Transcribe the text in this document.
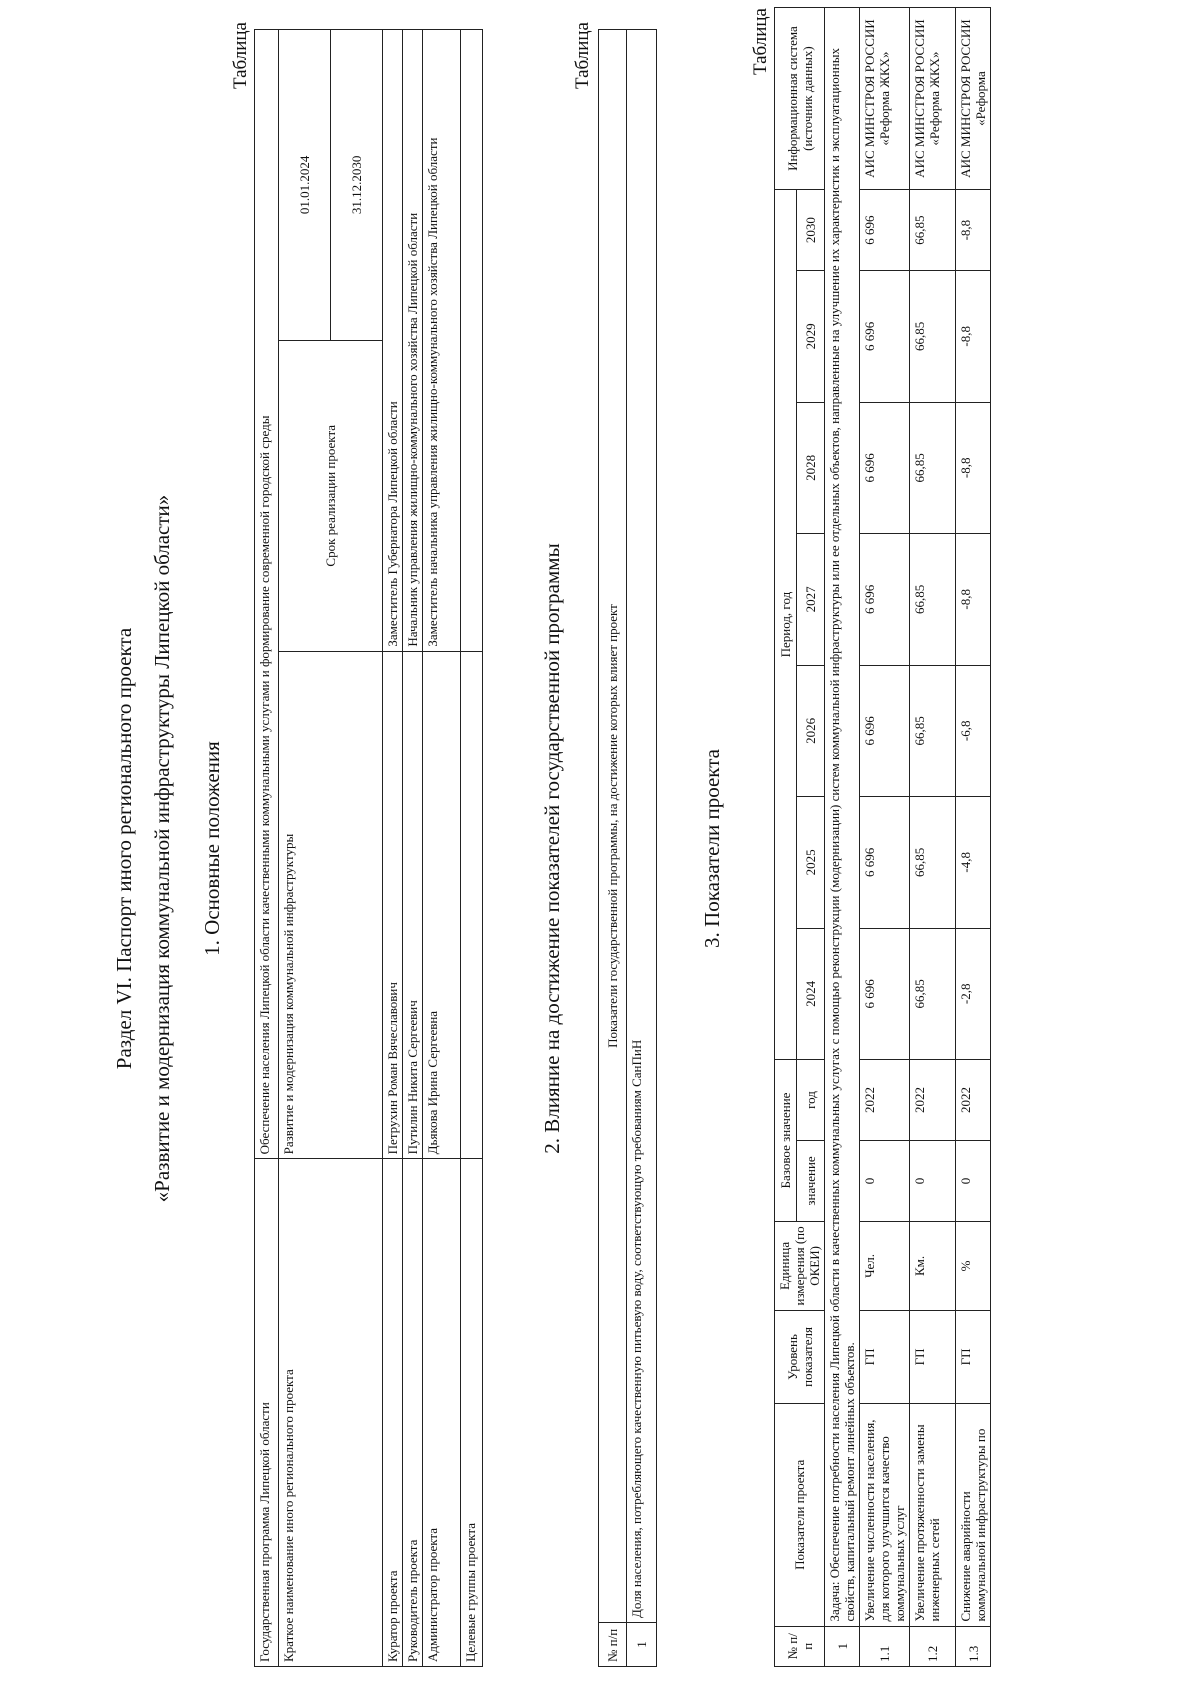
Раздел VI. Паспорт иного регионального проекта «Развитие и модернизация коммунальной инфраструктуры Липецкой области» 1. Основные положения
Таблица
Государственная программа Липецкой области	Обеспечение населения Липецкой области качественными коммунальными услугами и формирование современной городской среды		
Краткое наименование иного регионального проекта	Развитие и модернизация коммунальной инфраструктуры	Срок реализации проекта	01.01.2024
			31.12.2030
Куратор проекта	Петрухин Роман Вячеславович	Заместитель Губернатора Липецкой области	
Руководитель проекта	Путилин Никита Сергеевич	Начальник управления жилищно-коммунального хозяйства Липецкой области	
Администратор проекта	Дьякова Ирина Сергеевна	Заместитель начальника управления жилищно-коммунального хозяйства Липецкой области	
Целевые группы проекта			
2. Влияние на достижение показателей государственной программы
Таблица
№ п/п	Показатели государственной программы, на достижение которых влияет проект
1	Доля населения, потребляющего качественную питьевую воду, соответствующую требованиям СанПиН
3. Показатели проекта
Таблица
№ п/п	Показатели проекта	Уровень показателя	Единица измерения (по ОКЕИ)	Базовое значение		Период, год							Информационная система (источник данных)
				значение	год	2024	2025	2026	2027	2028	2029	2030	
1	Задача: Обеспечение потребности населения Липецкой области в качественных коммунальных услугах с помощью реконструкции (модернизации) систем коммунальной инфраструктуры или ее отдельных объектов, направленные на улучшение их характеристик и эксплуатационных свойств, капитальный ремонт линейных объектов.												
1.1	Увеличение численности населения, для которого улучшится качество коммунальных услуг	ГП	Чел.	0	2022	6 696	6 696	6 696	6 696	6 696	6 696	6 696	АИС МИНСТРОЯ РОССИИ «Реформа ЖКХ»
1.2	Увеличение протяженности замены инженерных сетей	ГП	Км.	0	2022	66,85	66,85	66,85	66,85	66,85	66,85	66,85	АИС МИНСТРОЯ РОССИИ «Реформа ЖКХ»
1.3	Снижение аварийности коммунальной инфраструктуры по	ГП	%	0	2022	-2,8	-4,8	-6,8	-8,8	-8,8	-8,8	-8,8	АИС МИНСТРОЯ РОССИИ «Реформа
